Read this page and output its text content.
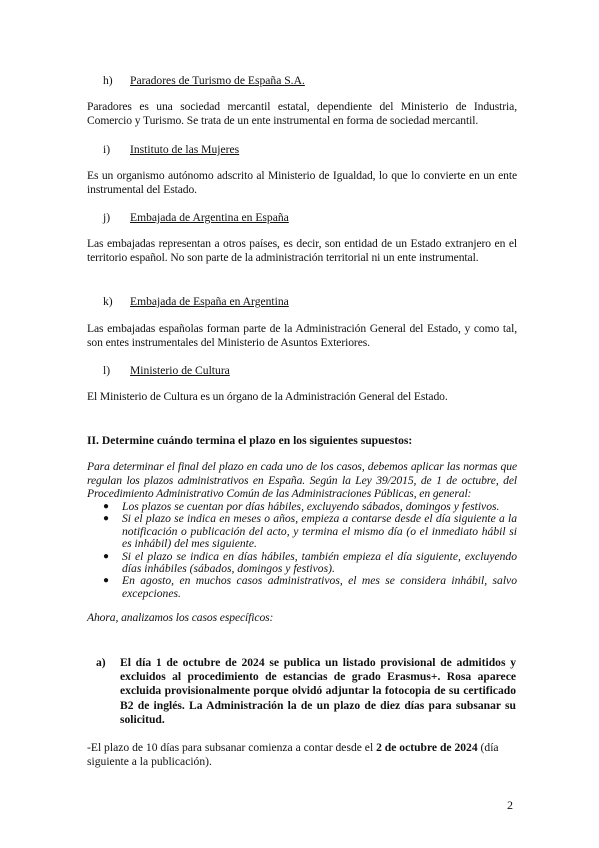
h) Paradores de Turismo de España S.A.
Paradores es una sociedad mercantil estatal, dependiente del Ministerio de Industria, Comercio y Turismo. Se trata de un ente instrumental en forma de sociedad mercantil.
i) Instituto de las Mujeres
Es un organismo autónomo adscrito al Ministerio de Igualdad, lo que lo convierte en un ente instrumental del Estado.
j) Embajada de Argentina en España
Las embajadas representan a otros países, es decir, son entidad de un Estado extranjero en el territorio español. No son parte de la administración territorial ni un ente instrumental.
k) Embajada de España en Argentina
Las embajadas españolas forman parte de la Administración General del Estado, y como tal, son entes instrumentales del Ministerio de Asuntos Exteriores.
l) Ministerio de Cultura
El Ministerio de Cultura es un órgano de la Administración General del Estado.
II. Determine cuándo termina el plazo en los siguientes supuestos:
Para determinar el final del plazo en cada uno de los casos, debemos aplicar las normas que regulan los plazos administrativos en España. Según la Ley 39/2015, de 1 de octubre, del Procedimiento Administrativo Común de las Administraciones Públicas, en general:
● Los plazos se cuentan por días hábiles, excluyendo sábados, domingos y festivos.
● Si el plazo se indica en meses o años, empieza a contarse desde el día siguiente a la notificación o publicación del acto, y termina el mismo día (o el inmediato hábil si es inhábil) del mes siguiente.
● Si el plazo se indica en días hábiles, también empieza el día siguiente, excluyendo días inhábiles (sábados, domingos y festivos).
● En agosto, en muchos casos administrativos, el mes se considera inhábil, salvo excepciones.
Ahora, analizamos los casos específicos:
a) El día 1 de octubre de 2024 se publica un listado provisional de admitidos y excluidos al procedimiento de estancias de grado Erasmus+. Rosa aparece excluida provisionalmente porque olvidó adjuntar la fotocopia de su certificado B2 de inglés. La Administración la de un plazo de diez días para subsanar su solicitud.
-El plazo de 10 días para subsanar comienza a contar desde el 2 de octubre de 2024 (día siguiente a la publicación).
2
